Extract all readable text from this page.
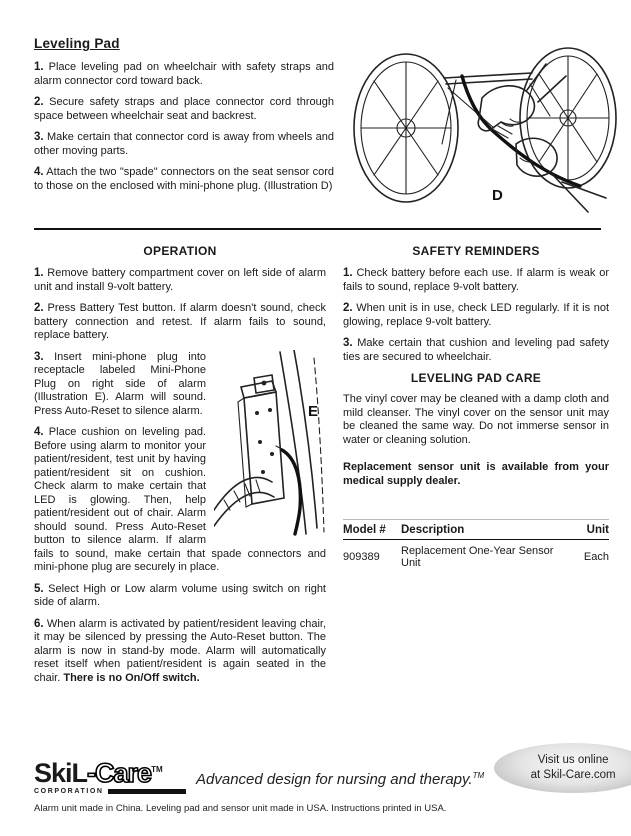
Leveling Pad

1. Place leveling pad on wheelchair with safety straps and alarm connector cord toward back.

2. Secure safety straps and place connector cord through space between wheelchair seat and backrest.

3. Make certain that connector cord is away from wheels and other moving parts.

4. Attach the two "spade" connectors on the seat sensor cord to those on the enclosed with mini-phone plug. (Illustration D)

D
OPERATION

1. Remove battery compartment cover on left side of alarm unit and install 9-volt battery.

2. Press Battery Test button. If alarm doesn't sound, check battery connection and retest. If alarm fails to sound, replace battery.

E

3. Insert mini-phone plug into receptacle labeled Mini-Phone Plug on right side of alarm (Illustration E). Alarm will sound. Press Auto-Reset to silence alarm.

4. Place cushion on leveling pad. Before using alarm to monitor your patient/resident, test unit by having patient/resident sit on cushion. Check alarm to make certain that LED is glowing. Then, help patient/resident out of chair. Alarm should sound. Press Auto-Reset button to silence alarm. If alarm fails to sound, make certain that spade connectors and mini-phone plug are securely in place.

5. Select High or Low alarm volume using switch on right side of alarm.

6. When alarm is activated by patient/resident leaving chair, it may be silenced by pressing the Auto-Reset button. The alarm is now in stand-by mode. Alarm will automatically reset itself when patient/resident is again seated in the chair. There is no On/Off switch.

SAFETY REMINDERS

1. Check battery before each use. If alarm is weak or fails to sound, replace 9-volt battery.

2. When unit is in use, check LED regularly. If it is not glowing, replace 9-volt battery.

3. Make certain that cushion and leveling pad safety ties are secured to wheelchair.

LEVELING PAD CARE

The vinyl cover may be cleaned with a damp cloth and mild cleanser. The vinyl cover on the sensor unit may be cleaned the same way. Do not immerse sensor in water or cleaning solution.

Replacement sensor unit is available from your medical supply dealer.

Model #	Description	Unit
909389	Replacement One-Year Sensor Unit	Each
SkiL-Care™
CORPORATION
Advanced design for nursing and therapy.™
Visit us online
at Skil-Care.com
Alarm unit made in China. Leveling pad and sensor unit made in USA. Instructions printed in USA.
